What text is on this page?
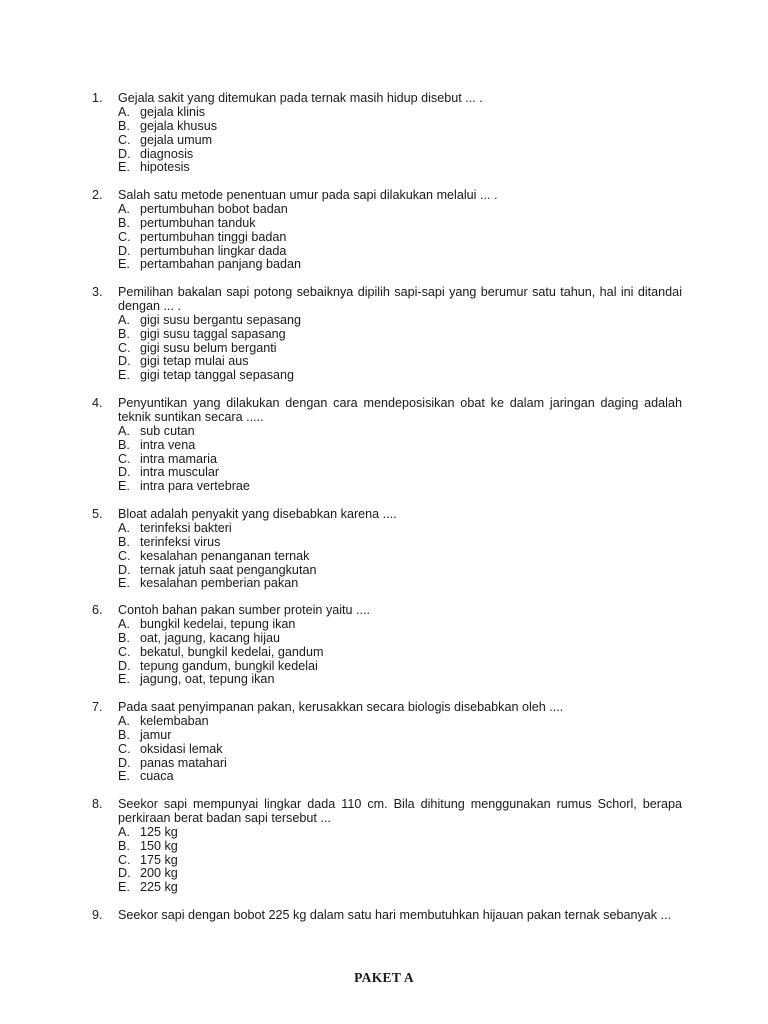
1.	Gejala sakit yang ditemukan pada ternak masih hidup disebut ... .
A. gejala klinis
B. gejala khusus
C. gejala umum
D. diagnosis
E. hipotesis
2.	Salah satu metode penentuan umur pada sapi dilakukan melalui ... .
A. pertumbuhan bobot badan
B. pertumbuhan tanduk
C. pertumbuhan tinggi badan
D. pertumbuhan lingkar dada
E. pertambahan panjang badan
3.	Pemilihan bakalan sapi potong sebaiknya dipilih sapi-sapi yang berumur satu tahun, hal ini ditandai dengan ... .
A. gigi susu bergantu sepasang
B. gigi susu taggal sapasang
C. gigi susu belum berganti
D. gigi tetap mulai aus
E. gigi tetap tanggal sepasang
4.	Penyuntikan yang dilakukan dengan cara mendeposisikan obat ke dalam jaringan daging adalah teknik suntikan secara .....
A. sub cutan
B. intra vena
C. intra mamaria
D. intra muscular
E. intra para vertebrae
5.	Bloat adalah penyakit yang disebabkan karena ....
A. terinfeksi bakteri
B. terinfeksi virus
C. kesalahan penanganan ternak
D. ternak jatuh saat pengangkutan
E. kesalahan pemberian pakan
6.	Contoh bahan pakan sumber protein yaitu ....
A. bungkil kedelai, tepung ikan
B. oat, jagung, kacang hijau
C. bekatul, bungkil kedelai, gandum
D. tepung gandum, bungkil kedelai
E. jagung, oat, tepung ikan
7.	Pada saat penyimpanan pakan, kerusakkan secara biologis disebabkan oleh ....
A. kelembaban
B. jamur
C. oksidasi lemak
D. panas matahari
E. cuaca
8.	Seekor sapi mempunyai lingkar dada 110 cm. Bila dihitung menggunakan rumus Schorl, berapa perkiraan berat badan sapi tersebut ...
A. 125 kg
B. 150 kg
C. 175 kg
D. 200 kg
E. 225 kg
9.	Seekor sapi dengan bobot 225 kg dalam satu hari membutuhkan hijauan pakan ternak sebanyak ...
PAKET A
